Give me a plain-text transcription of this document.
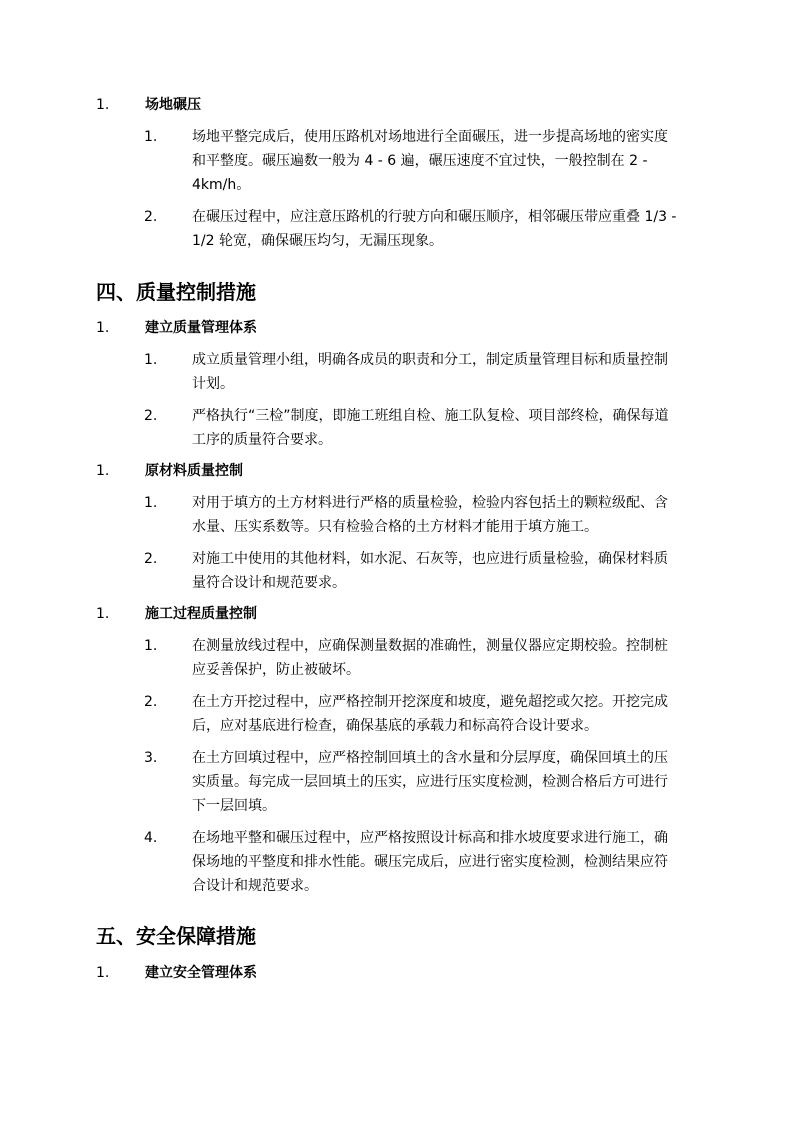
1.	场地碾压
1.	场地平整完成后，使用压路机对场地进行全面碾压，进一步提高场地的密实度
和平整度。碾压遍数一般为 4 - 6 遍，碾压速度不宜过快，一般控制在 2 -
4km/h。
2.	在碾压过程中，应注意压路机的行驶方向和碾压顺序，相邻碾压带应重叠 1/3 -
1/2 轮宽，确保碾压均匀，无漏压现象。
四、质量控制措施
1.	建立质量管理体系
1.	成立质量管理小组，明确各成员的职责和分工，制定质量管理目标和质量控制
计划。
2.	严格执行“三检”制度，即施工班组自检、施工队复检、项目部终检，确保每道
工序的质量符合要求。
1.	原材料质量控制
1.	对用于填方的土方材料进行严格的质量检验，检验内容包括土的颗粒级配、含
水量、压实系数等。只有检验合格的土方材料才能用于填方施工。
2.	对施工中使用的其他材料，如水泥、石灰等，也应进行质量检验，确保材料质
量符合设计和规范要求。
1.	施工过程质量控制
1.	在测量放线过程中，应确保测量数据的准确性，测量仪器应定期校验。控制桩
应妥善保护，防止被破坏。
2.	在土方开挖过程中，应严格控制开挖深度和坡度，避免超挖或欠挖。开挖完成
后，应对基底进行检查，确保基底的承载力和标高符合设计要求。
3.	在土方回填过程中，应严格控制回填土的含水量和分层厚度，确保回填土的压
实质量。每完成一层回填土的压实，应进行压实度检测，检测合格后方可进行
下一层回填。
4.	在场地平整和碾压过程中，应严格按照设计标高和排水坡度要求进行施工，确
保场地的平整度和排水性能。碾压完成后，应进行密实度检测，检测结果应符
合设计和规范要求。
五、安全保障措施
1.	建立安全管理体系
